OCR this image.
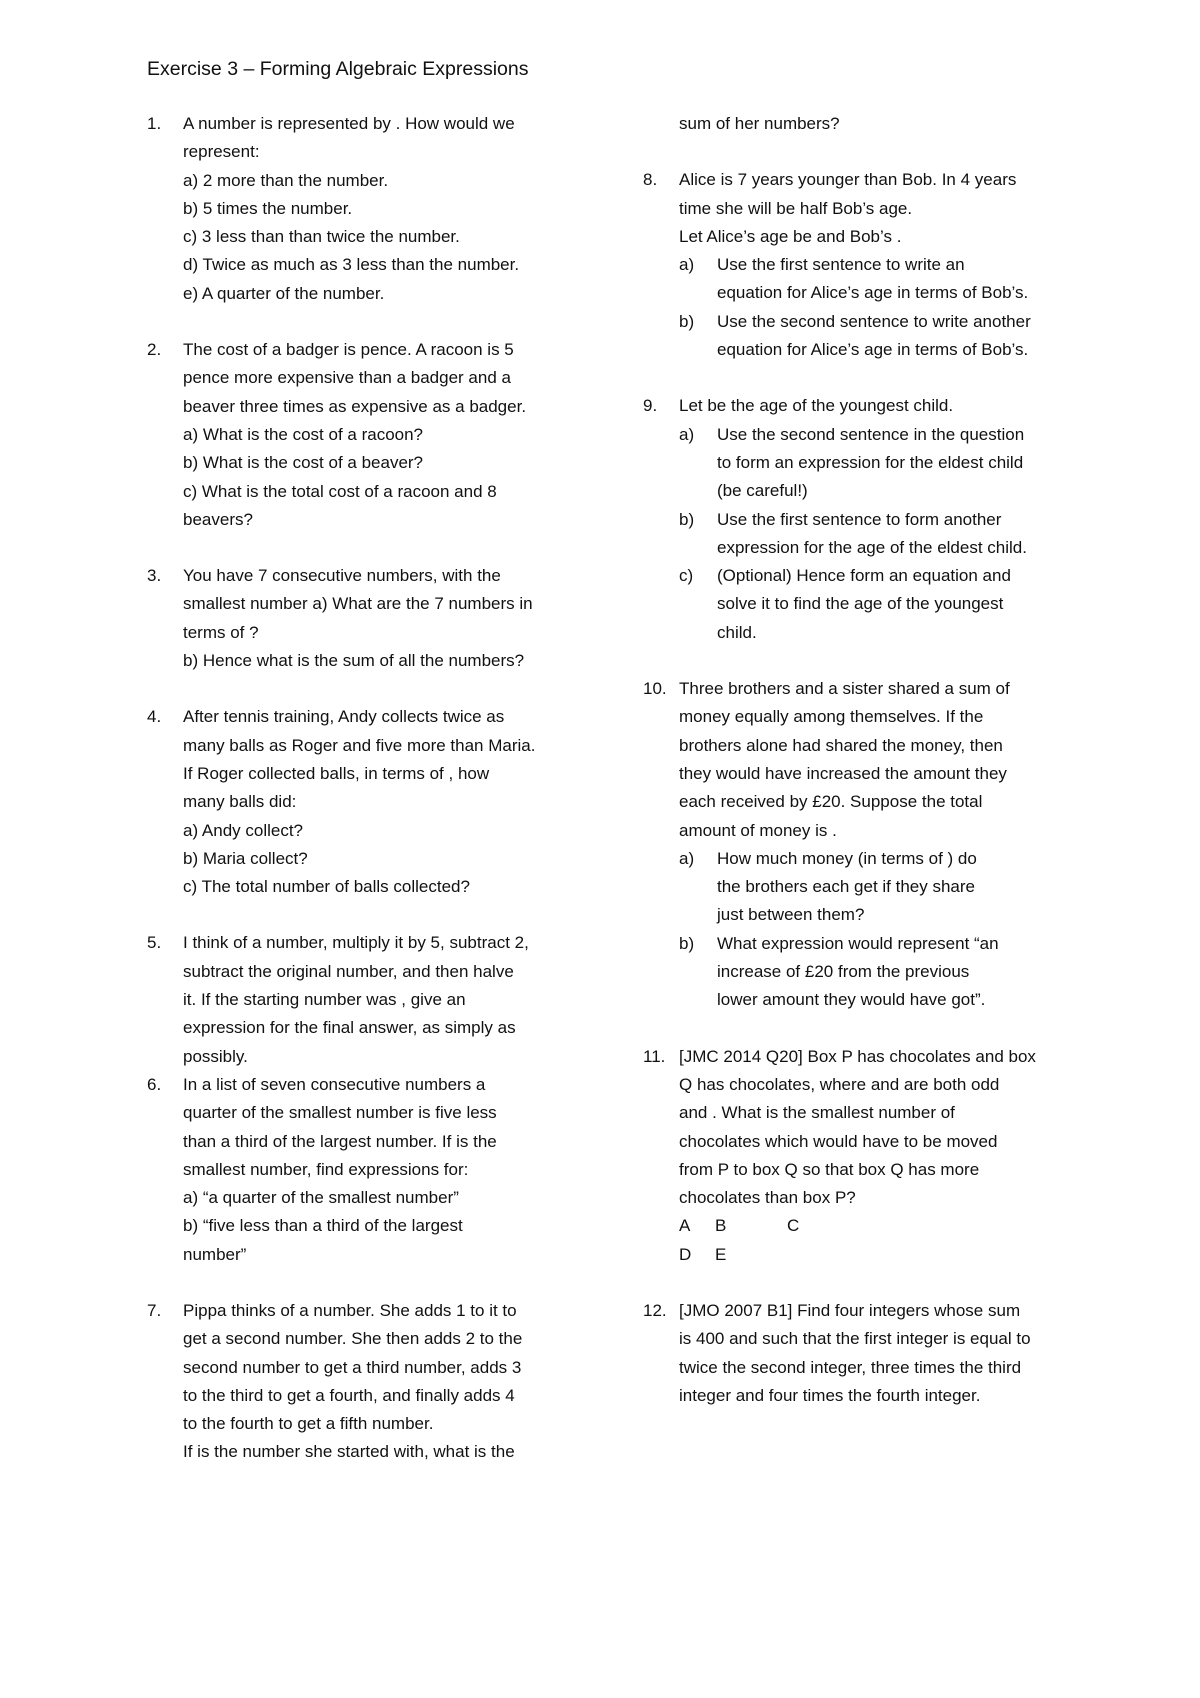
Exercise 3 – Forming Algebraic Expressions
1. A number is represented by . How would we
represent:
a) 2 more than the number.
b) 5 times the number.
c) 3 less than than twice the number.
d) Twice as much as 3 less than the number.
e) A quarter of the number.
2. The cost of a badger is pence. A racoon is 5
pence more expensive than a badger and a
beaver three times as expensive as a badger.
a) What is the cost of a racoon?
b) What is the cost of a beaver?
c) What is the total cost of a racoon and 8
beavers?
3. You have 7 consecutive numbers, with the
smallest number a) What are the 7 numbers in
terms of ?
b) Hence what is the sum of all the numbers?
4. After tennis training, Andy collects twice as
many balls as Roger and five more than Maria.
If Roger collected balls, in terms of , how
many balls did:
a) Andy collect?
b) Maria collect?
c) The total number of balls collected?
5. I think of a number, multiply it by 5, subtract 2,
subtract the original number, and then halve
it. If the starting number was , give an
expression for the final answer, as simply as
possibly.
6. In a list of seven consecutive numbers a
quarter of the smallest number is five less
than a third of the largest number. If is the
smallest number, find expressions for:
a) “a quarter of the smallest number”
b) “five less than a third of the largest
number”
7. Pippa thinks of a number. She adds 1 to it to
get a second number. She then adds 2 to the
second number to get a third number, adds 3
to the third to get a fourth, and finally adds 4
to the fourth to get a fifth number.
If is the number she started with, what is the
sum of her numbers?
8. Alice is 7 years younger than Bob. In 4 years
time she will be half Bob’s age.
Let Alice’s age be and Bob’s .
a) Use the first sentence to write an
equation for Alice’s age in terms of Bob’s.
b) Use the second sentence to write another
equation for Alice’s age in terms of Bob’s.
9. Let be the age of the youngest child.
a) Use the second sentence in the question
to form an expression for the eldest child
(be careful!)
b) Use the first sentence to form another
expression for the age of the eldest child.
c) (Optional) Hence form an equation and
solve it to find the age of the youngest
child.
10. Three brothers and a sister shared a sum of
money equally among themselves. If the
brothers alone had shared the money, then
they would have increased the amount they
each received by £20. Suppose the total
amount of money is .
a) How much money (in terms of ) do
the brothers each get if they share
just between them?
b) What expression would represent “an
increase of £20 from the previous
lower amount they would have got”.
11. [JMC 2014 Q20] Box P has chocolates and box
Q has chocolates, where and are both odd
and . What is the smallest number of
chocolates which would have to be moved
from P to box Q so that box Q has more
chocolates than box P?
A B	C
D E
12. [JMO 2007 B1] Find four integers whose sum
is 400 and such that the first integer is equal to
twice the second integer, three times the third
integer and four times the fourth integer.
